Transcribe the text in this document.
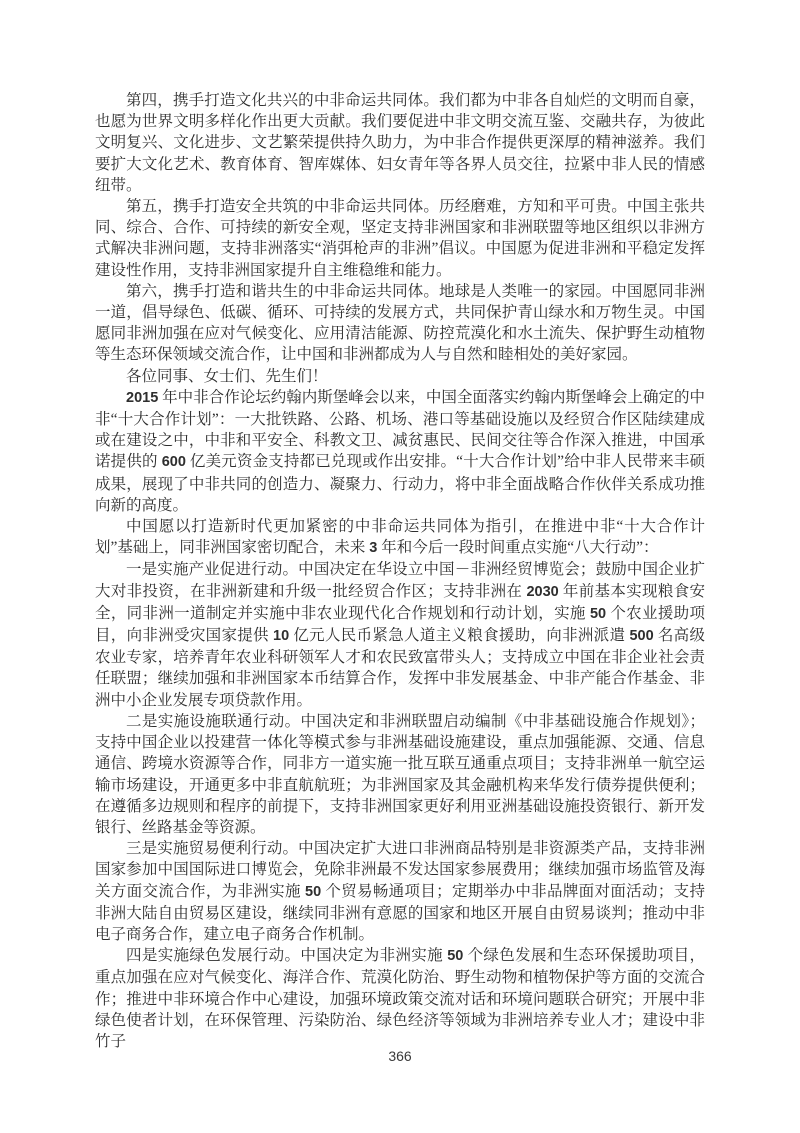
第四，携手打造文化共兴的中非命运共同体。我们都为中非各自灿烂的文明而自豪，也愿为世界文明多样化作出更大贡献。我们要促进中非文明交流互鉴、交融共存，为彼此文明复兴、文化进步、文艺繁荣提供持久助力，为中非合作提供更深厚的精神滋养。我们要扩大文化艺术、教育体育、智库媒体、妇女青年等各界人员交往，拉紧中非人民的情感纽带。

第五，携手打造安全共筑的中非命运共同体。历经磨难，方知和平可贵。中国主张共同、综合、合作、可持续的新安全观，坚定支持非洲国家和非洲联盟等地区组织以非洲方式解决非洲问题，支持非洲落实“消弭枪声的非洲”倡议。中国愿为促进非洲和平稳定发挥建设性作用，支持非洲国家提升自主维稳维和能力。

第六，携手打造和谐共生的中非命运共同体。地球是人类唯一的家园。中国愿同非洲一道，倡导绿色、低碳、循环、可持续的发展方式，共同保护青山绿水和万物生灵。中国愿同非洲加强在应对气候变化、应用清洁能源、防控荒漠化和水土流失、保护野生动植物等生态环保领域交流合作，让中国和非洲都成为人与自然和睦相处的美好家园。

各位同事、女士们、先生们！

2015 年中非合作论坛约翰内斯堡峰会以来，中国全面落实约翰内斯堡峰会上确定的中非“十大合作计划”：一大批铁路、公路、机场、港口等基础设施以及经贸合作区陆续建成或在建设之中，中非和平安全、科教文卫、减贫惠民、民间交往等合作深入推进，中国承诺提供的 600 亿美元资金支持都已兑现或作出安排。“十大合作计划”给中非人民带来丰硕成果，展现了中非共同的创造力、凝聚力、行动力，将中非全面战略合作伙伴关系成功推向新的高度。

中国愿以打造新时代更加紧密的中非命运共同体为指引，在推进中非“十大合作计划”基础上，同非洲国家密切配合，未来 3 年和今后一段时间重点实施“八大行动”：

一是实施产业促进行动。中国决定在华设立中国－非洲经贸博览会；鼓励中国企业扩大对非投资，在非洲新建和升级一批经贸合作区；支持非洲在 2030 年前基本实现粮食安全，同非洲一道制定并实施中非农业现代化合作规划和行动计划，实施 50 个农业援助项目，向非洲受灾国家提供 10 亿元人民币紧急人道主义粮食援助，向非洲派遣 500 名高级农业专家，培养青年农业科研领军人才和农民致富带头人；支持成立中国在非企业社会责任联盟；继续加强和非洲国家本币结算合作，发挥中非发展基金、中非产能合作基金、非洲中小企业发展专项贷款作用。

二是实施设施联通行动。中国决定和非洲联盟启动编制《中非基础设施合作规划》；支持中国企业以投建营一体化等模式参与非洲基础设施建设，重点加强能源、交通、信息通信、跨境水资源等合作，同非方一道实施一批互联互通重点项目；支持非洲单一航空运输市场建设，开通更多中非直航航班；为非洲国家及其金融机构来华发行债券提供便利；在遵循多边规则和程序的前提下，支持非洲国家更好利用亚洲基础设施投资银行、新开发银行、丝路基金等资源。

三是实施贸易便利行动。中国决定扩大进口非洲商品特别是非资源类产品，支持非洲国家参加中国国际进口博览会，免除非洲最不发达国家参展费用；继续加强市场监管及海关方面交流合作，为非洲实施 50 个贸易畅通项目；定期举办中非品牌面对面活动；支持非洲大陆自由贸易区建设，继续同非洲有意愿的国家和地区开展自由贸易谈判；推动中非电子商务合作，建立电子商务合作机制。

四是实施绿色发展行动。中国决定为非洲实施 50 个绿色发展和生态环保援助项目，重点加强在应对气候变化、海洋合作、荒漠化防治、野生动物和植物保护等方面的交流合作；推进中非环境合作中心建设，加强环境政策交流对话和环境问题联合研究；开展中非绿色使者计划，在环保管理、污染防治、绿色经济等领域为非洲培养专业人才；建设中非竹子

366
